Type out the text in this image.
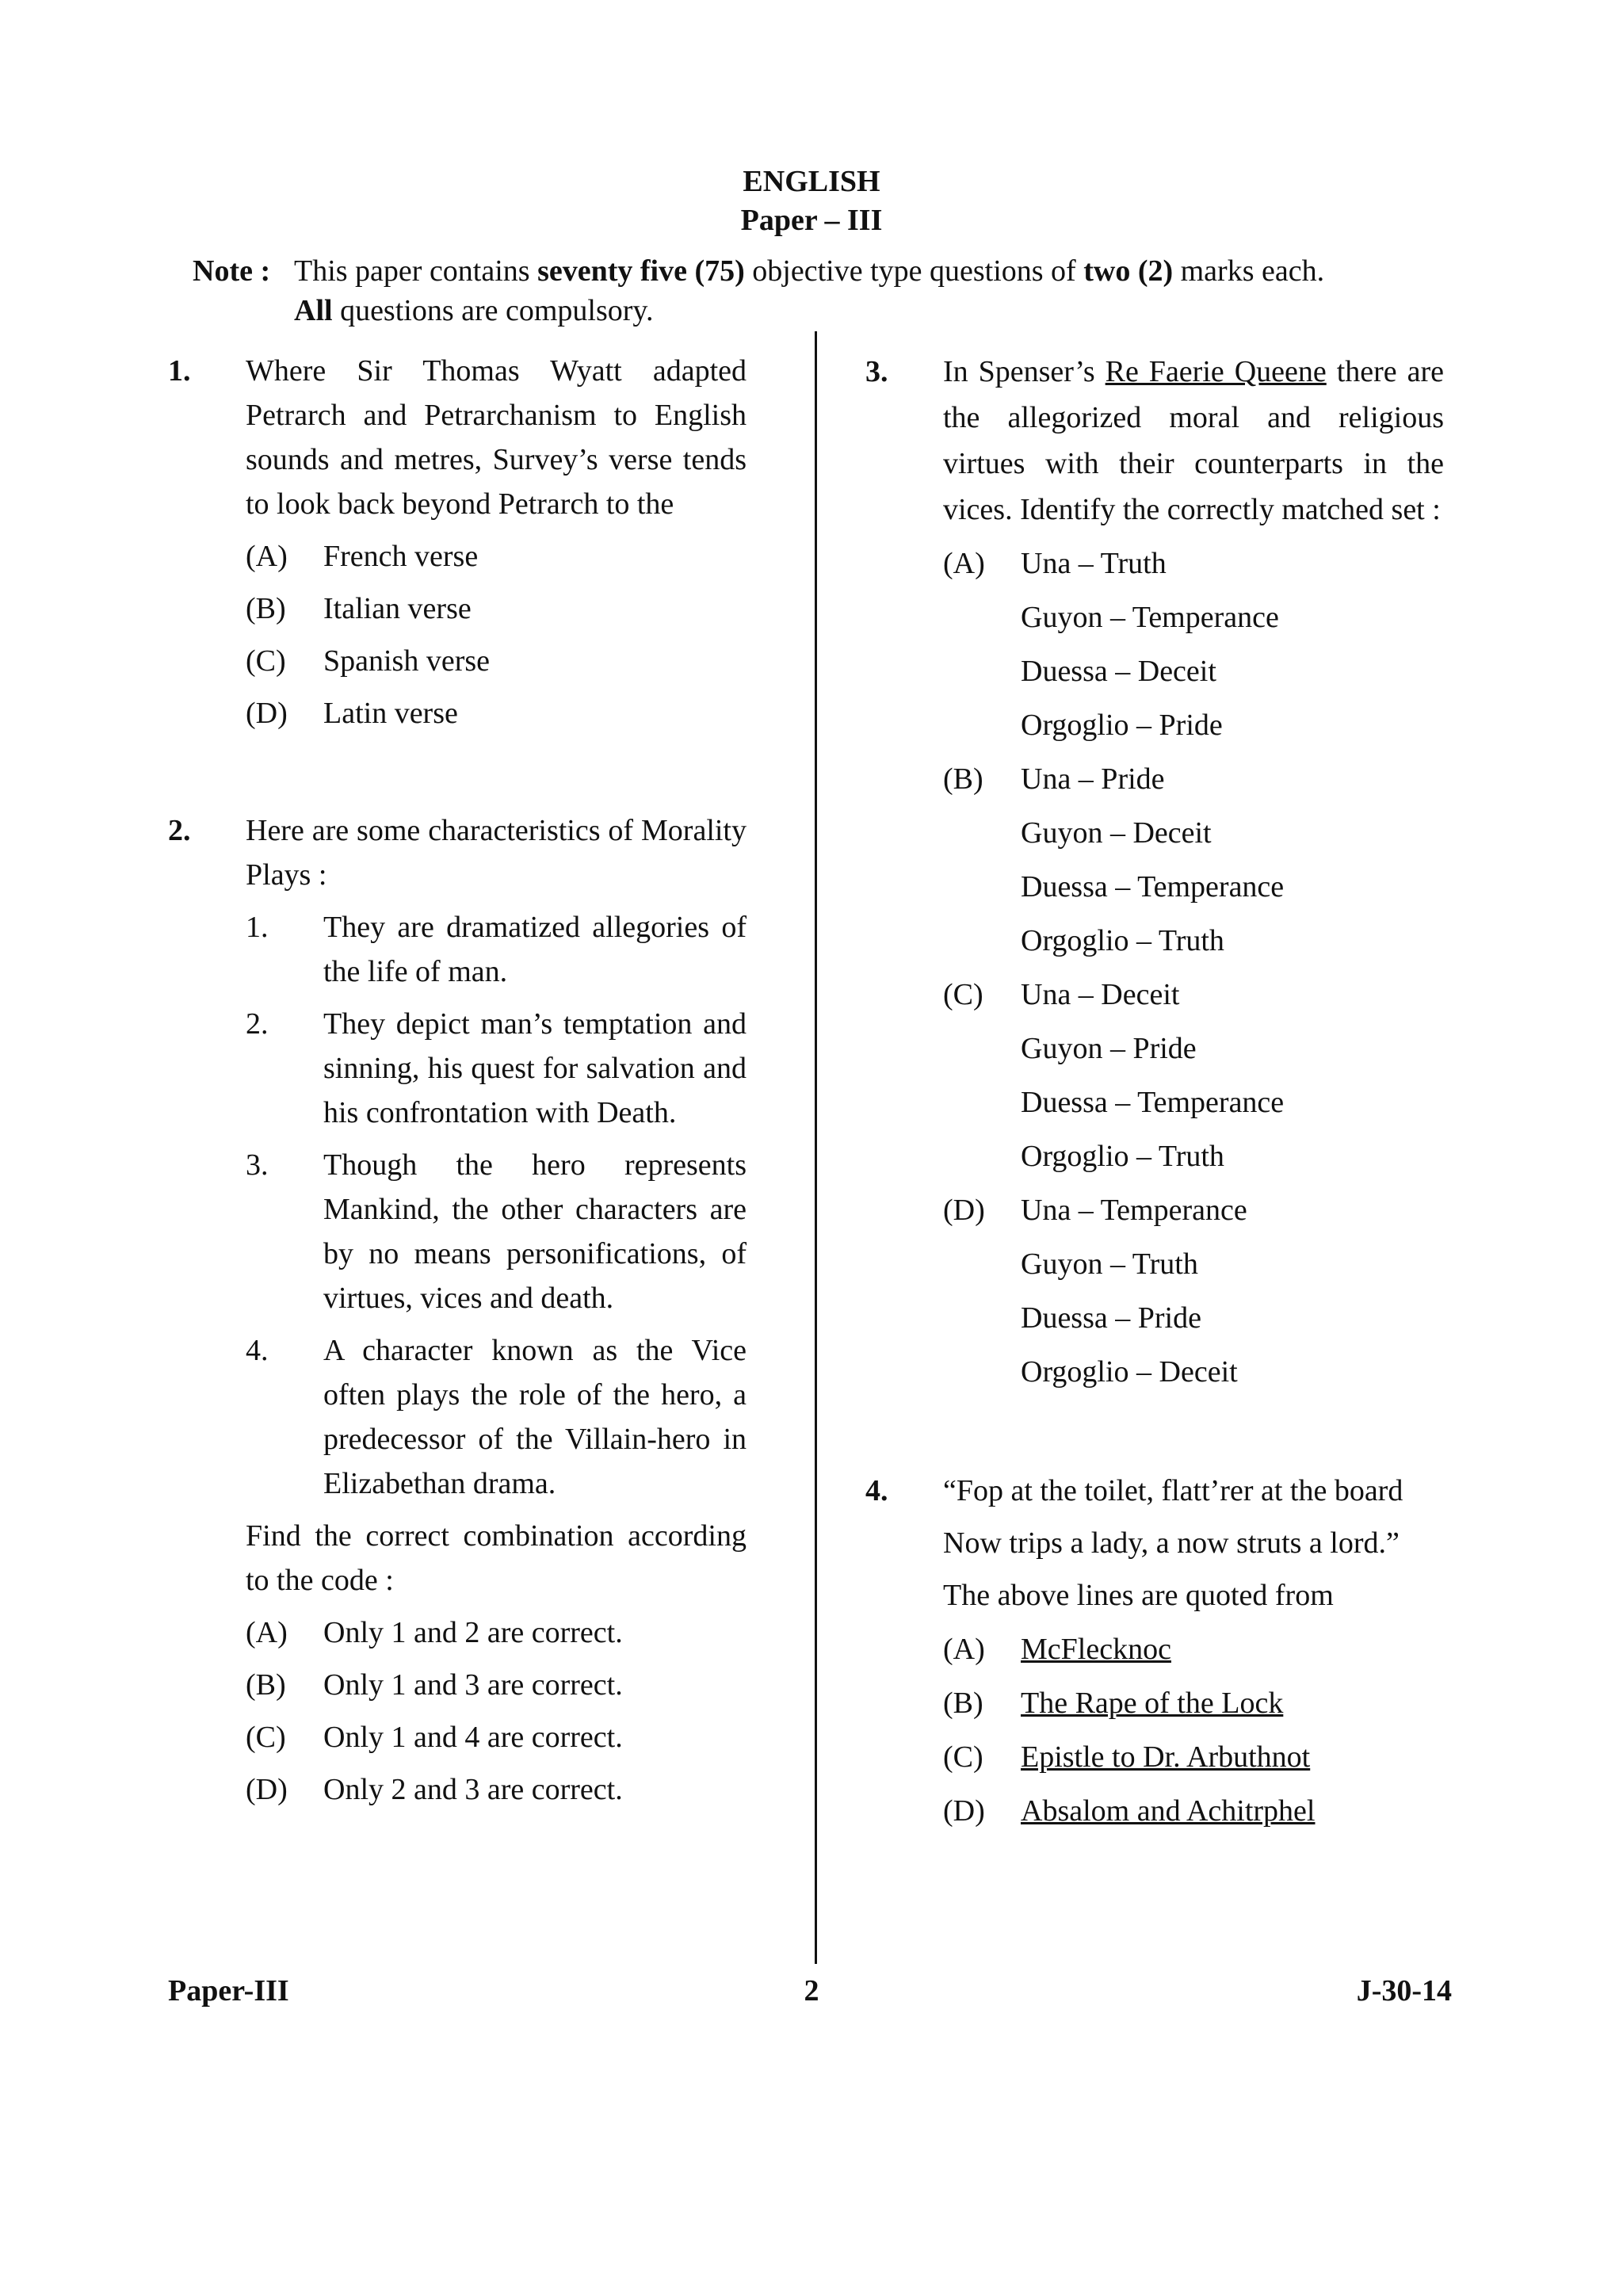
ENGLISH
Paper – III
Note : This paper contains seventy five (75) objective type questions of two (2) marks each.
All questions are compulsory.
1. Where Sir Thomas Wyatt adapted Petrarch and Petrarchanism to English sounds and metres, Survey’s verse tends to look back beyond Petrarch to the
(A) French verse
(B) Italian verse
(C) Spanish verse
(D) Latin verse
2. Here are some characteristics of Morality Plays :
1. They are dramatized allegories of the life of man.
2. They depict man’s temptation and sinning, his quest for salvation and his confrontation with Death.
3. Though the hero represents Mankind, the other characters are by no means personifications, of virtues, vices and death.
4. A character known as the Vice often plays the role of the hero, a predecessor of the Villain-hero in Elizabethan drama.
Find the correct combination according to the code :
(A) Only 1 and 2 are correct.
(B) Only 1 and 3 are correct.
(C) Only 1 and 4 are correct.
(D) Only 2 and 3 are correct.
3. In Spenser’s Re Faerie Queene there are the allegorized moral and religious virtues with their counterparts in the vices. Identify the correctly matched set :
(A) Una – Truth
Guyon – Temperance
Duessa – Deceit
Orgoglio – Pride
(B) Una – Pride
Guyon – Deceit
Duessa – Temperance
Orgoglio – Truth
(C) Una – Deceit
Guyon – Pride
Duessa – Temperance
Orgoglio – Truth
(D) Una – Temperance
Guyon – Truth
Duessa – Pride
Orgoglio – Deceit
4. “Fop at the toilet, flatt’rer at the board
Now trips a lady, a now struts a lord.”
The above lines are quoted from
(A) McFlecknoc
(B) The Rape of the Lock
(C) Epistle to Dr. Arbuthnot
(D) Absalom and Achitrphel
2
Paper-III	J-30-14
